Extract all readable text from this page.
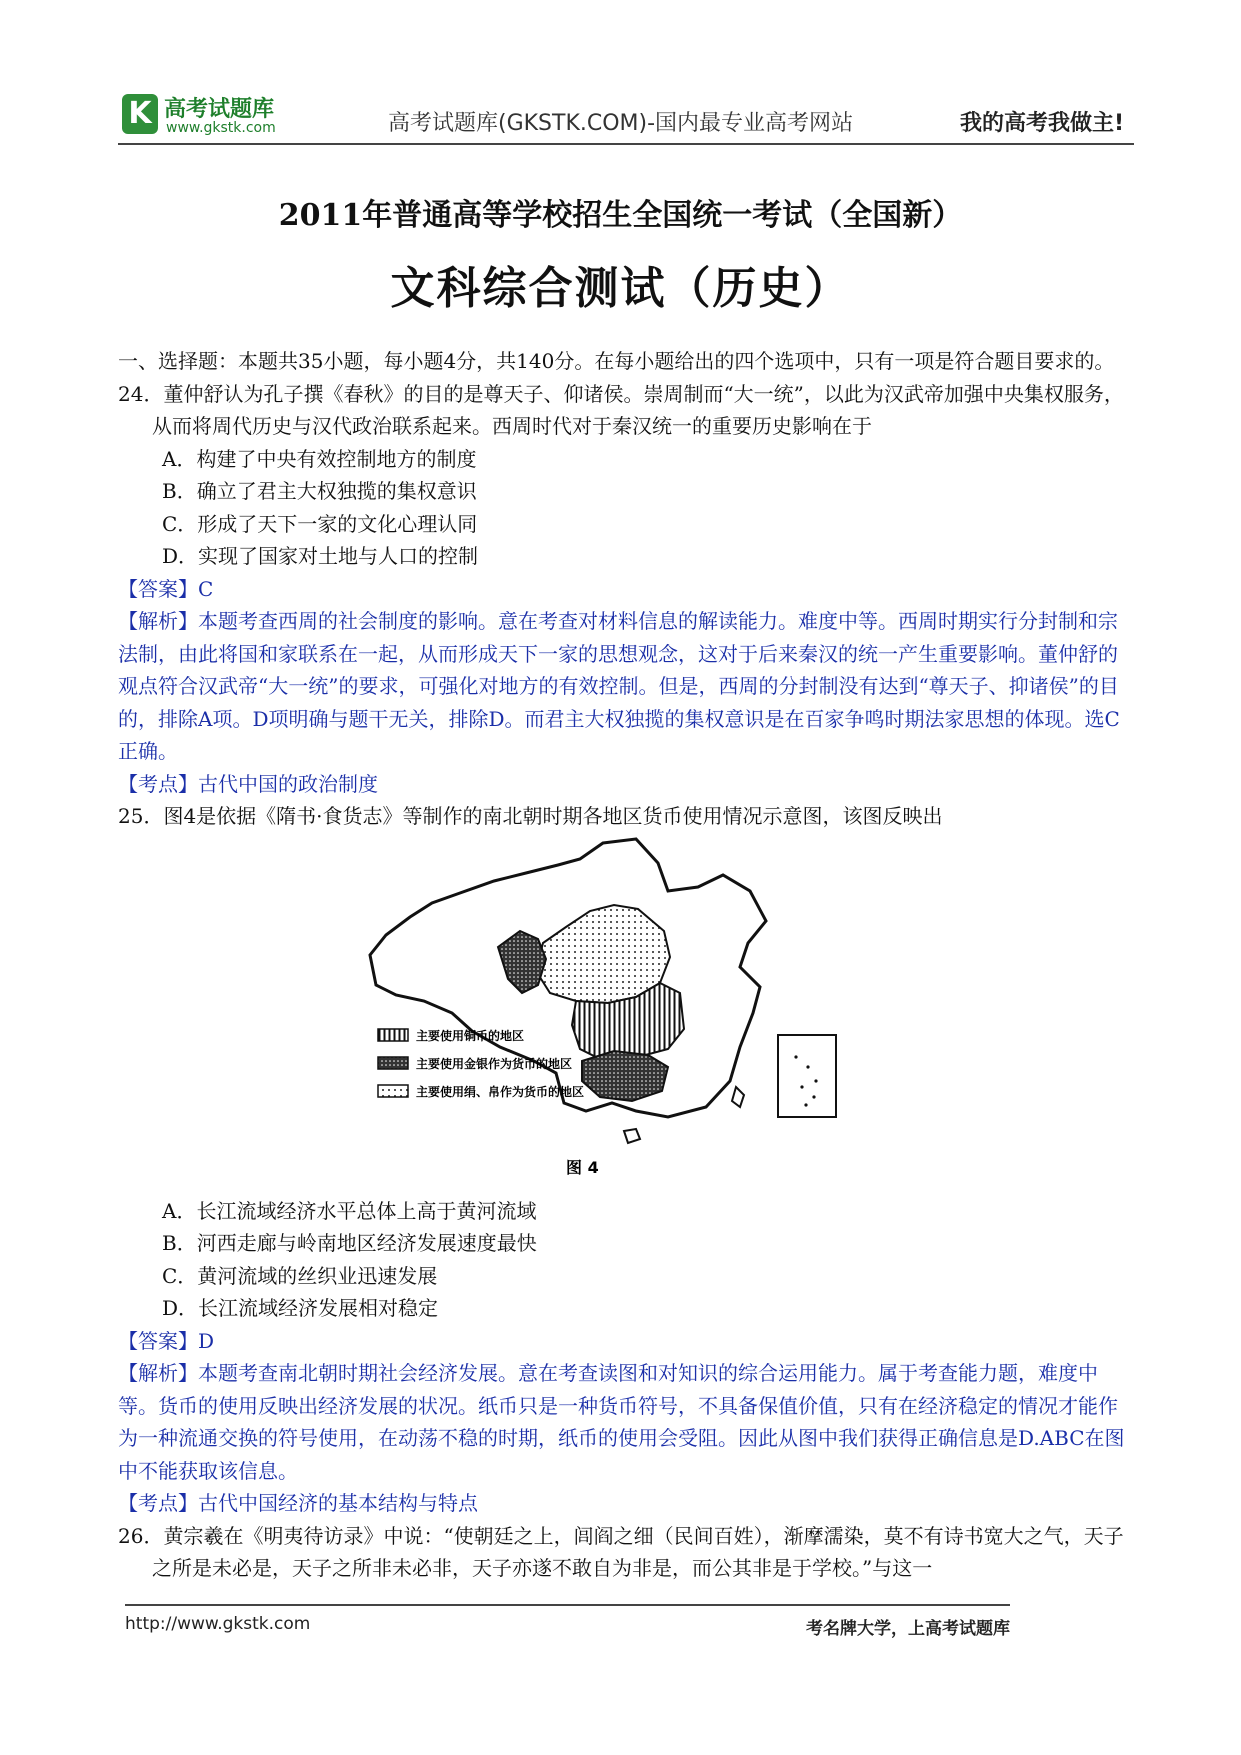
K 高考试题库
www.gkstk.com	高考试题库(GKSTK.COM)-国内最专业高考网站	我的高考我做主!
2011年普通高等学校招生全国统一考试（全国新）
文科综合测试（历史）

一、选择题：本题共35小题，每小题4分，共140分。在每小题给出的四个选项中，只有一项是符合题目要求的。

24．董仲舒认为孔子撰《春秋》的目的是尊天子、仰诸侯。崇周制而“大一统”，以此为汉武帝加强中央集权服务，从而将周代历史与汉代政治联系起来。西周时代对于秦汉统一的重要历史影响在于

A．构建了中央有效控制地方的制度

B．确立了君主大权独揽的集权意识

C．形成了天下一家的文化心理认同

D．实现了国家对土地与人口的控制

【答案】C

【解析】本题考查西周的社会制度的影响。意在考查对材料信息的解读能力。难度中等。西周时期实行分封制和宗法制，由此将国和家联系在一起，从而形成天下一家的思想观念，这对于后来秦汉的统一产生重要影响。董仲舒的观点符合汉武帝“大一统”的要求，可强化对地方的有效控制。但是，西周的分封制没有达到“尊天子、抑诸侯”的目的，排除A项。D项明确与题干无关，排除D。而君主大权独揽的集权意识是在百家争鸣时期法家思想的体现。选C正确。

【考点】古代中国的政治制度

25．图4是依据《隋书·食货志》等制作的南北朝时期各地区货币使用情况示意图，该图反映出

主要使用铜币的地区
主要使用金银作为货币的地区
主要使用绢、帛作为货币的地区
图 4

A．长江流域经济水平总体上高于黄河流域

B．河西走廊与岭南地区经济发展速度最快

C．黄河流域的丝织业迅速发展

D．长江流域经济发展相对稳定

【答案】D

【解析】本题考查南北朝时期社会经济发展。意在考查读图和对知识的综合运用能力。属于考查能力题，难度中等。货币的使用反映出经济发展的状况。纸币只是一种货币符号，不具备保值价值，只有在经济稳定的情况才能作为一种流通交换的符号使用，在动荡不稳的时期，纸币的使用会受阻。因此从图中我们获得正确信息是D.ABC在图中不能获取该信息。

【考点】古代中国经济的基本结构与特点

26．黄宗羲在《明夷待访录》中说：“使朝廷之上，闾阎之细（民间百姓），渐摩濡染，莫不有诗书宽大之气，天子之所是未必是，天子之所非未必非，天子亦遂不敢自为非是，而公其非是于学校。”与这一

http://www.gkstk.com	考名牌大学，上高考试题库
